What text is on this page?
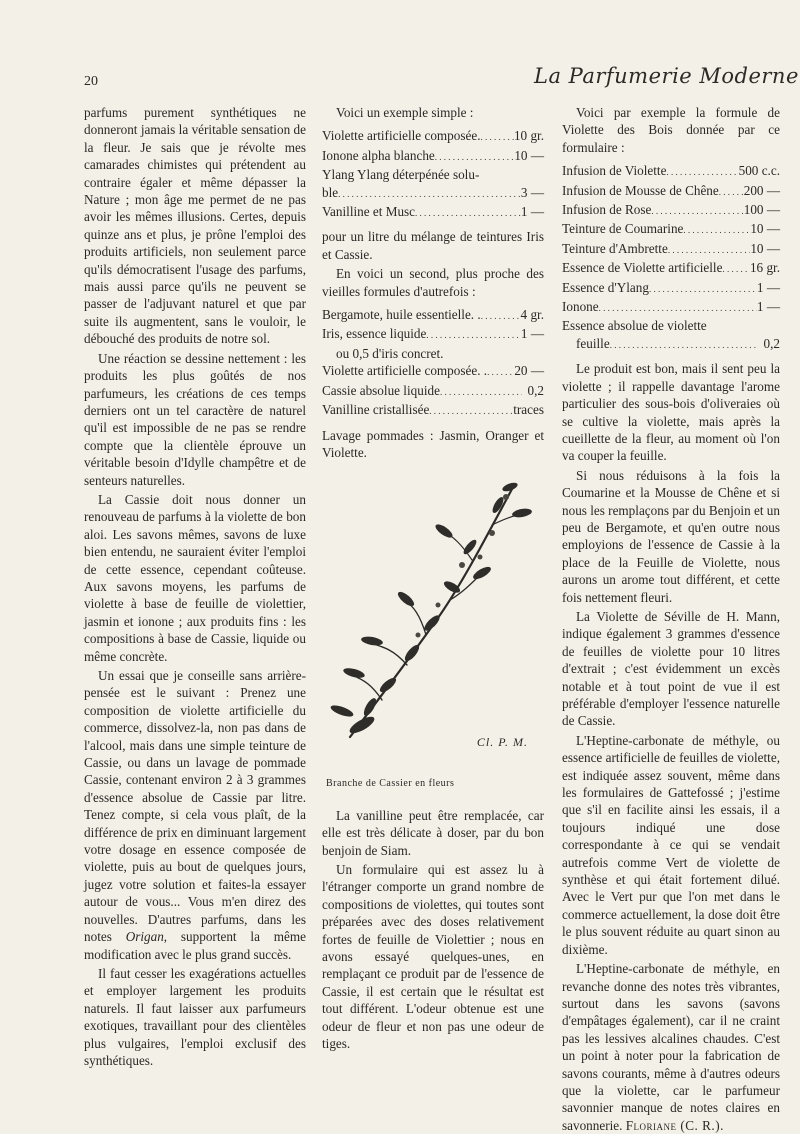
20	La Parfumerie Moderne

parfums purement synthétiques ne donneront jamais la véritable sensation de la fleur. Je sais que je révolte mes camarades chimistes qui prétendent au contraire égaler et même dépasser la Nature ; mon âge me permet de ne pas avoir les mêmes illusions. Certes, depuis quinze ans et plus, je prône l'emploi des produits artificiels, non seulement parce qu'ils démocratisent l'usage des parfums, mais aussi parce qu'ils ne peuvent se passer de l'adjuvant naturel et que par suite ils augmentent, sans le vouloir, le débouché des produits de notre sol.

Une réaction se dessine nettement : les produits les plus goûtés de nos parfumeurs, les créations de ces temps derniers ont un tel caractère de naturel qu'il est impossible de ne pas se rendre compte que la clientèle éprouve un véritable besoin d'Idylle champêtre et de senteurs naturelles.

La Cassie doit nous donner un renouveau de parfums à la violette de bon aloi. Les savons mêmes, savons de luxe bien entendu, ne sauraient éviter l'emploi de cette essence, cependant coûteuse. Aux savons moyens, les parfums de violette à base de feuille de violettier, jasmin et ionone ; aux produits fins : les compositions à base de Cassie, liquide ou même concrète.

Un essai que je conseille sans arrière-pensée est le suivant : Prenez une composition de violette artificielle du commerce, dissolvez-la, non pas dans de l'alcool, mais dans une simple teinture de Cassie, ou dans un lavage de pommade Cassie, contenant environ 2 à 3 grammes d'essence absolue de Cassie par litre. Tenez compte, si cela vous plaît, de la différence de prix en diminuant largement votre dosage en essence composée de violette, puis au bout de quelques jours, jugez votre solution et faites-la essayer autour de vous... Vous m'en direz des nouvelles. D'autres parfums, dans les notes Origan, supportent la même modification avec le plus grand succès.

Il faut cesser les exagérations actuelles et employer largement les produits naturels. Il faut laisser aux parfumeurs exotiques, travaillant pour des clientèles plus vulgaires, l'emploi exclusif des synthétiques.

Voici un exemple simple :

Violette artificielle composée. . . .	10 gr.
Ionone alpha blanche . . .	10 —
Ylang Ylang déterpénée solu-
ble . . .	3 —
Vanilline et Musc . . .	1 —

pour un litre du mélange de teintures Iris et Cassie.

En voici un second, plus proche des vieilles formules d'autrefois :

Bergamote, huile essentielle. . . . .	4 gr.
Iris, essence liquide . . .	1 —
ou 0,5 d'iris concret.
Violette artificielle composée. . . . . 20 —
Cassie absolue liquide . . .	0,2
Vanilline cristallisée . . .	traces

Lavage pommades : Jasmin, Oranger et Violette.

Cl. P. M.
Branche de Cassier en fleurs

La vanilline peut être remplacée, car elle est très délicate à doser, par du bon benjoin de Siam.

Un formulaire qui est assez lu à l'étranger comporte un grand nombre de compositions de violettes, qui toutes sont préparées avec des doses relativement fortes de feuille de Violettier ; nous en avons essayé quelques-unes, en remplaçant ce produit par de l'essence de Cassie, il est certain que le résultat est tout différent. L'odeur obtenue est une odeur de fleur et non pas une odeur de tiges.

Voici par exemple la formule de Violette des Bois donnée par ce formulaire :

Infusion de Violette . . .	500 c.c.
Infusion de Mousse de Chêne . . . 200 —
Infusion de Rose . . .	100 —
Teinture de Coumarine . . .	10 —
Teinture d'Ambrette . . .	10 —
Essence de Violette artificielle . . . 16 gr.
Essence d'Ylang . . .	1 —
Ionone . . .	1 —
Essence absolue de violette
feuille . . .	0,2

Le produit est bon, mais il sent peu la violette ; il rappelle davantage l'arome particulier des sous-bois d'oliveraies où se cultive la violette, mais après la cueillette de la fleur, au moment où l'on va couper la feuille.

Si nous réduisons à la fois la Coumarine et la Mousse de Chêne et si nous les remplaçons par du Benjoin et un peu de Bergamote, et qu'en outre nous employions de l'essence de Cassie à la place de la Feuille de Violette, nous aurons un arome tout différent, et cette fois nettement fleuri.

La Violette de Séville de H. Mann, indique également 3 grammes d'essence de feuilles de violette pour 10 litres d'extrait ; c'est évidemment un excès notable et à tout point de vue il est préférable d'employer l'essence naturelle de Cassie.

L'Heptine-carbonate de méthyle, ou essence artificielle de feuilles de violette, est indiquée assez souvent, même dans les formulaires de Gattefossé ; j'estime que s'il en facilite ainsi les essais, il a toujours indiqué une dose correspondante à ce qui se vendait autrefois comme Vert de violette de synthèse et qui était fortement dilué. Avec le Vert pur que l'on met dans le commerce actuellement, la dose doit être le plus souvent réduite au quart sinon au dixième.

L'Heptine-carbonate de méthyle, en revanche donne des notes très vibrantes, surtout dans les savons (savons d'empâtages également), car il ne craint pas les lessives alcalines chaudes. C'est un point à noter pour la fabrication de savons courants, même à d'autres odeurs que la violette, car le parfumeur savonnier manque de notes claires en savonnerie. Floriane (C. R.).
